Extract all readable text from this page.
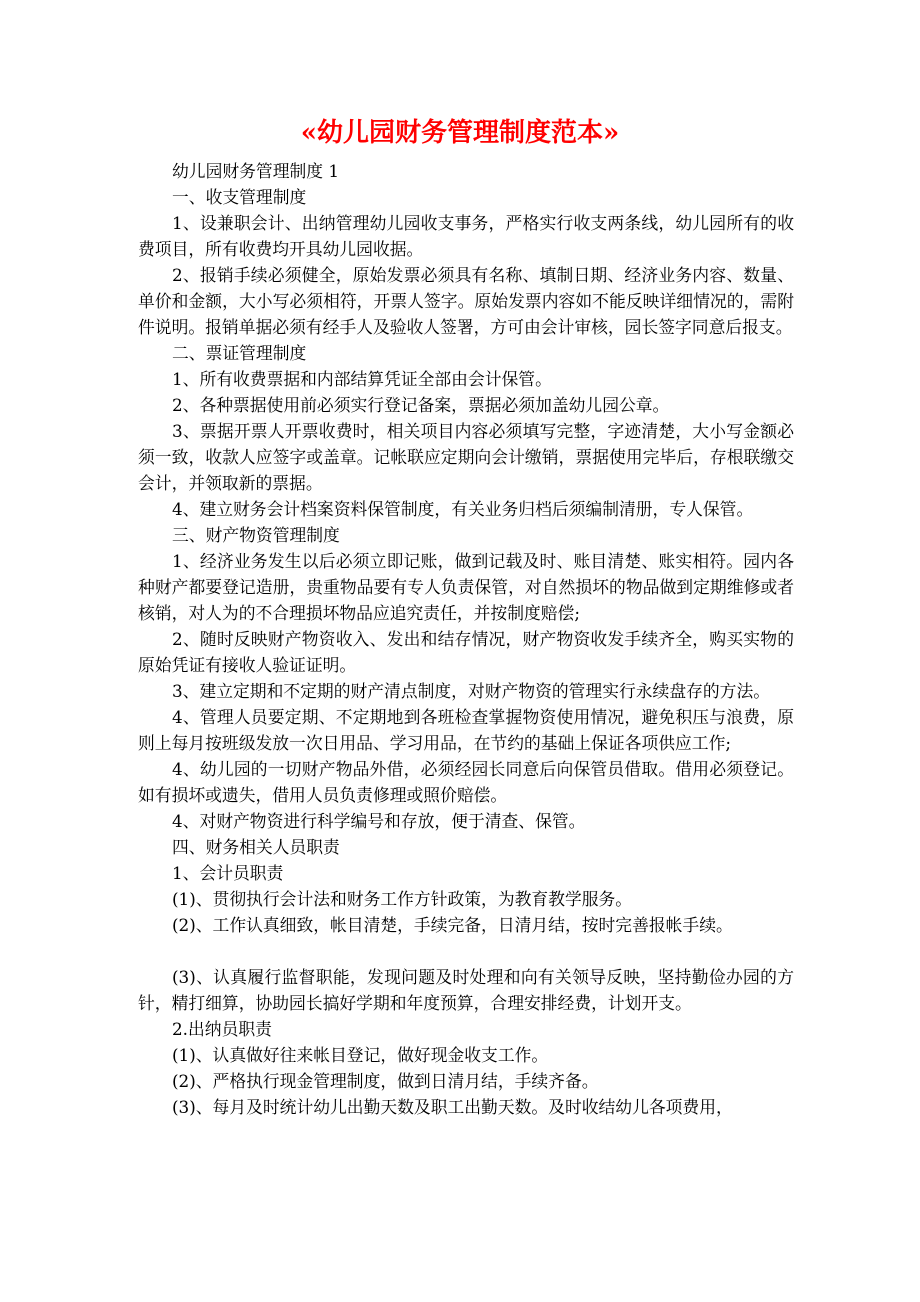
«幼儿园财务管理制度范本»

幼儿园财务管理制度 1

一、收支管理制度

1、设兼职会计、出纳管理幼儿园收支事务，严格实行收支两条线，幼儿园所有的收费项目，所有收费均开具幼儿园收据。

2、报销手续必须健全，原始发票必须具有名称、填制日期、经济业务内容、数量、单价和金额，大小写必须相符，开票人签字。原始发票内容如不能反映详细情况的，需附件说明。报销单据必须有经手人及验收人签署，方可由会计审核，园长签字同意后报支。

二、票证管理制度

1、所有收费票据和内部结算凭证全部由会计保管。

2、各种票据使用前必须实行登记备案，票据必须加盖幼儿园公章。

3、票据开票人开票收费时，相关项目内容必须填写完整，字迹清楚，大小写金额必须一致，收款人应签字或盖章。记帐联应定期向会计缴销，票据使用完毕后，存根联缴交会计，并领取新的票据。

4、建立财务会计档案资料保管制度，有关业务归档后须编制清册，专人保管。

三、财产物资管理制度

1、经济业务发生以后必须立即记账，做到记载及时、账目清楚、账实相符。园内各种财产都要登记造册，贵重物品要有专人负责保管，对自然损坏的物品做到定期维修或者核销，对人为的不合理损坏物品应追究责任，并按制度赔偿;

2、随时反映财产物资收入、发出和结存情况，财产物资收发手续齐全，购买实物的原始凭证有接收人验证证明。

3、建立定期和不定期的财产清点制度，对财产物资的管理实行永续盘存的方法。

4、管理人员要定期、不定期地到各班检查掌握物资使用情况，避免积压与浪费，原则上每月按班级发放一次日用品、学习用品，在节约的基础上保证各项供应工作;

4、幼儿园的一切财产物品外借，必须经园长同意后向保管员借取。借用必须登记。如有损坏或遗失，借用人员负责修理或照价赔偿。

4、对财产物资进行科学编号和存放，便于清查、保管。

四、财务相关人员职责

1、会计员职责

(1)、贯彻执行会计法和财务工作方针政策，为教育教学服务。

(2)、工作认真细致，帐目清楚，手续完备，日清月结，按时完善报帐手续。

(3)、认真履行监督职能，发现问题及时处理和向有关领导反映，坚持勤俭办园的方针，精打细算，协助园长搞好学期和年度预算，合理安排经费，计划开支。

2.出纳员职责

(1)、认真做好往来帐目登记，做好现金收支工作。

(2)、严格执行现金管理制度，做到日清月结，手续齐备。

(3)、每月及时统计幼儿出勤天数及职工出勤天数。及时收结幼儿各项费用，
